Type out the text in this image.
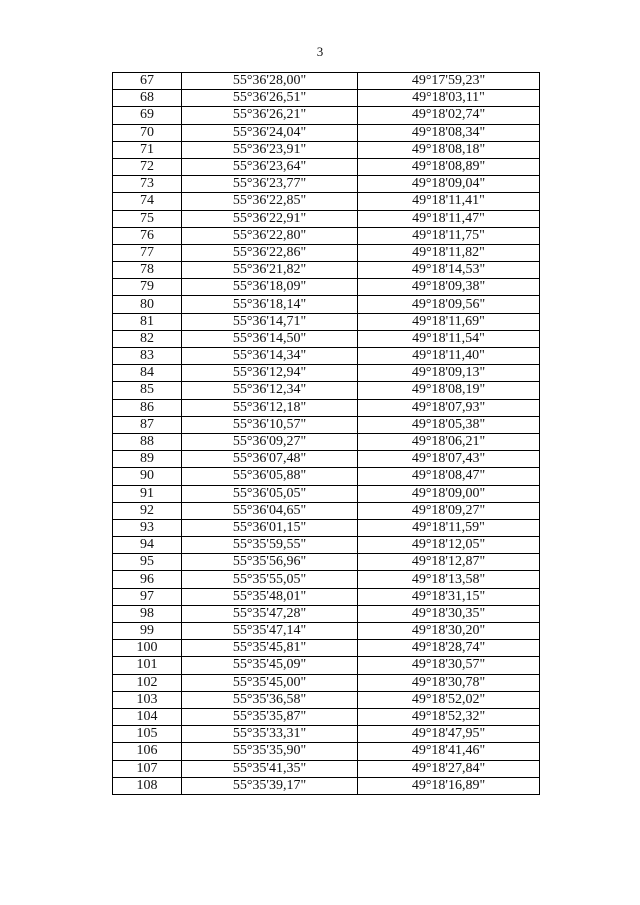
3
67	55°36'28,00"	49°17'59,23"
68	55°36'26,51"	49°18'03,11"
69	55°36'26,21"	49°18'02,74"
70	55°36'24,04"	49°18'08,34"
71	55°36'23,91"	49°18'08,18"
72	55°36'23,64"	49°18'08,89"
73	55°36'23,77"	49°18'09,04"
74	55°36'22,85"	49°18'11,41"
75	55°36'22,91"	49°18'11,47"
76	55°36'22,80"	49°18'11,75"
77	55°36'22,86"	49°18'11,82"
78	55°36'21,82"	49°18'14,53"
79	55°36'18,09"	49°18'09,38"
80	55°36'18,14"	49°18'09,56"
81	55°36'14,71"	49°18'11,69"
82	55°36'14,50"	49°18'11,54"
83	55°36'14,34"	49°18'11,40"
84	55°36'12,94"	49°18'09,13"
85	55°36'12,34"	49°18'08,19"
86	55°36'12,18"	49°18'07,93"
87	55°36'10,57"	49°18'05,38"
88	55°36'09,27"	49°18'06,21"
89	55°36'07,48"	49°18'07,43"
90	55°36'05,88"	49°18'08,47"
91	55°36'05,05"	49°18'09,00"
92	55°36'04,65"	49°18'09,27"
93	55°36'01,15"	49°18'11,59"
94	55°35'59,55"	49°18'12,05"
95	55°35'56,96"	49°18'12,87"
96	55°35'55,05"	49°18'13,58"
97	55°35'48,01"	49°18'31,15"
98	55°35'47,28"	49°18'30,35"
99	55°35'47,14"	49°18'30,20"
100	55°35'45,81"	49°18'28,74"
101	55°35'45,09"	49°18'30,57"
102	55°35'45,00"	49°18'30,78"
103	55°35'36,58"	49°18'52,02"
104	55°35'35,87"	49°18'52,32"
105	55°35'33,31"	49°18'47,95"
106	55°35'35,90"	49°18'41,46"
107	55°35'41,35"	49°18'27,84"
108	55°35'39,17"	49°18'16,89"
